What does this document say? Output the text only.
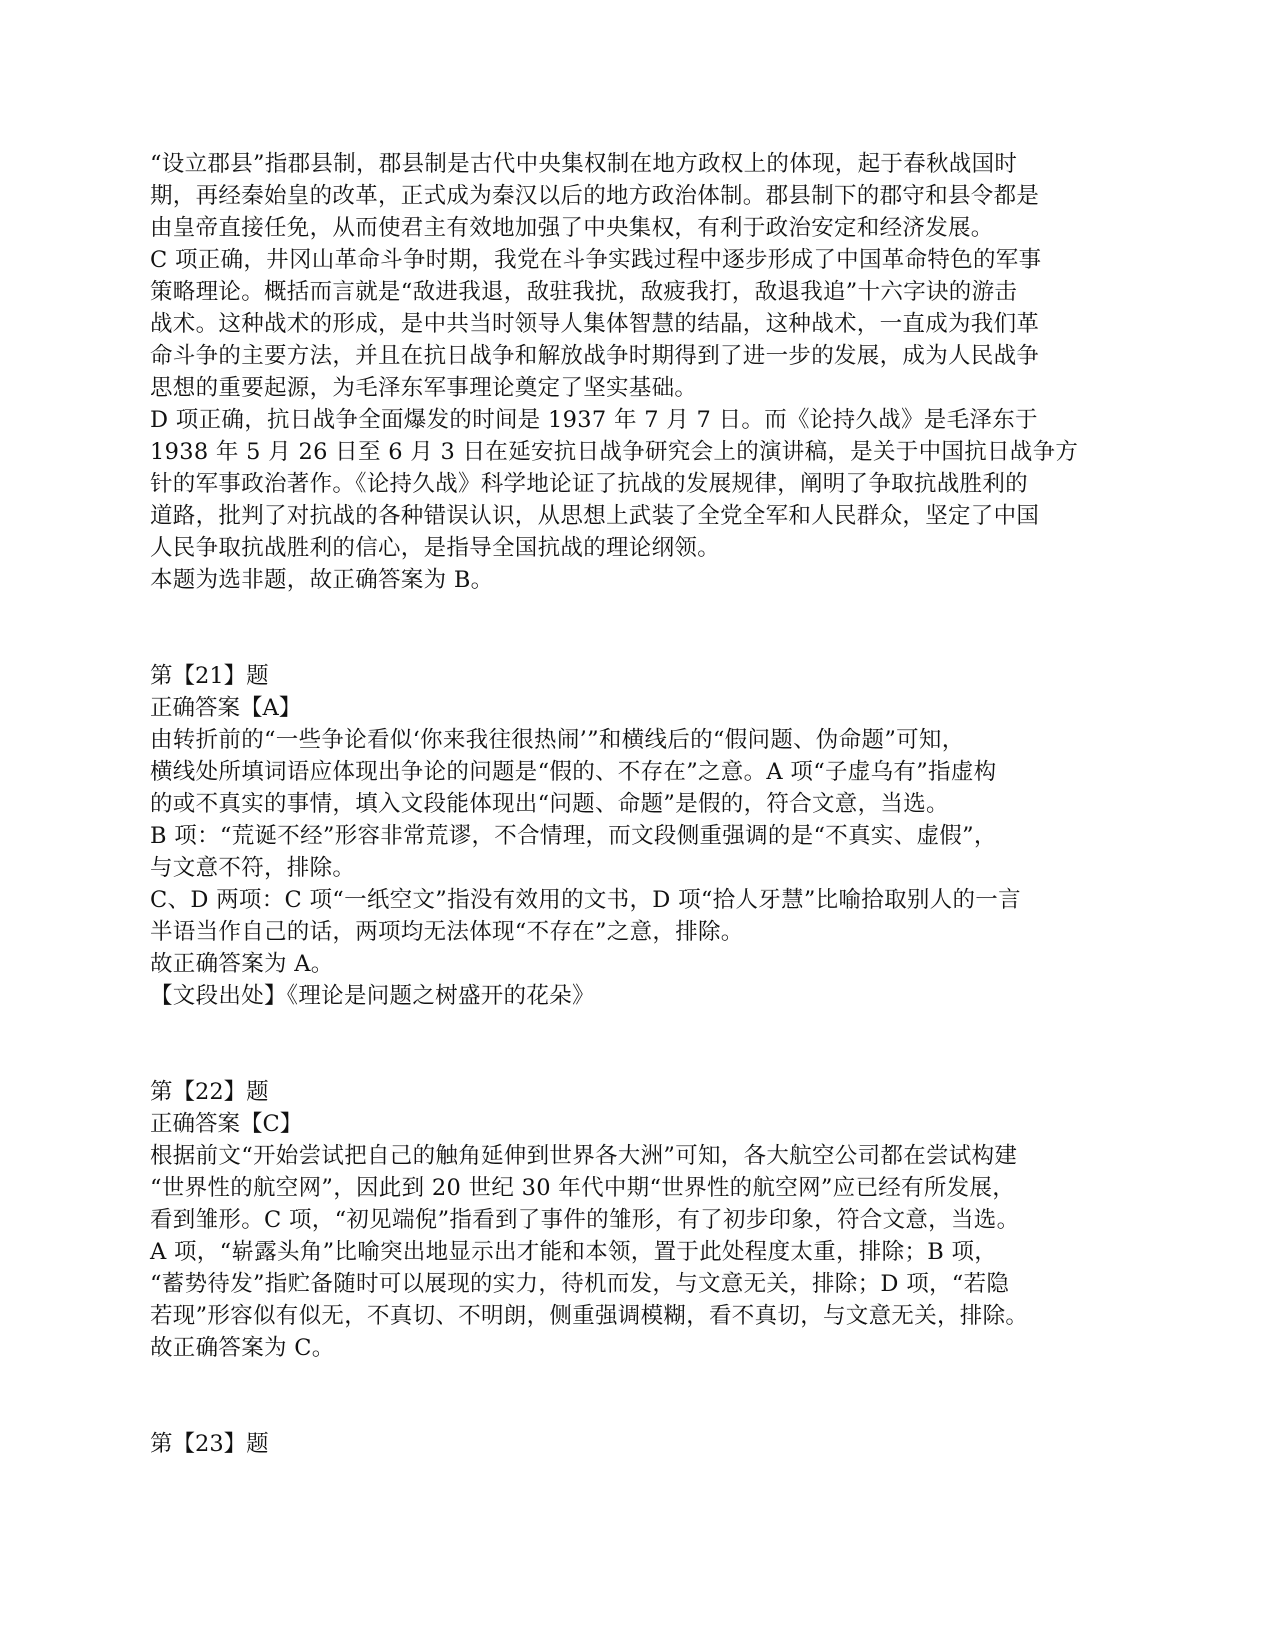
“设立郡县”指郡县制，郡县制是古代中央集权制在地方政权上的体现，起于春秋战国时
期，再经秦始皇的改革，正式成为秦汉以后的地方政治体制。郡县制下的郡守和县令都是
由皇帝直接任免，从而使君主有效地加强了中央集权，有利于政治安定和经济发展。
C 项正确，井冈山革命斗争时期，我党在斗争实践过程中逐步形成了中国革命特色的军事
策略理论。概括而言就是“敌进我退，敌驻我扰，敌疲我打，敌退我追”十六字诀的游击
战术。这种战术的形成，是中共当时领导人集体智慧的结晶，这种战术，一直成为我们革
命斗争的主要方法，并且在抗日战争和解放战争时期得到了进一步的发展，成为人民战争
思想的重要起源，为毛泽东军事理论奠定了坚实基础。
D 项正确，抗日战争全面爆发的时间是 1937 年 7 月 7 日。而《论持久战》是毛泽东于
1938 年 5 月 26 日至 6 月 3 日在延安抗日战争研究会上的演讲稿，是关于中国抗日战争方
针的军事政治著作。《论持久战》科学地论证了抗战的发展规律，阐明了争取抗战胜利的
道路，批判了对抗战的各种错误认识，从思想上武装了全党全军和人民群众，坚定了中国
人民争取抗战胜利的信心，是指导全国抗战的理论纲领。
本题为选非题，故正确答案为 B。
第【21】题
正确答案【A】
由转折前的“一些争论看似‘你来我往很热闹’”和横线后的“假问题、伪命题”可知，
横线处所填词语应体现出争论的问题是“假的、不存在”之意。A 项“子虚乌有”指虚构
的或不真实的事情，填入文段能体现出“问题、命题”是假的，符合文意，当选。
B 项：“荒诞不经”形容非常荒谬，不合情理，而文段侧重强调的是“不真实、虚假”，
与文意不符，排除。
C、D 两项：C 项“一纸空文”指没有效用的文书，D 项“拾人牙慧”比喻拾取别人的一言
半语当作自己的话，两项均无法体现“不存在”之意，排除。
故正确答案为 A。
【文段出处】《理论是问题之树盛开的花朵》
第【22】题
正确答案【C】
根据前文“开始尝试把自己的触角延伸到世界各大洲”可知，各大航空公司都在尝试构建
“世界性的航空网”，因此到 20 世纪 30 年代中期“世界性的航空网”应已经有所发展，
看到雏形。C 项，“初见端倪”指看到了事件的雏形，有了初步印象，符合文意，当选。
A 项，“崭露头角”比喻突出地显示出才能和本领，置于此处程度太重，排除；B 项，
“蓄势待发”指贮备随时可以展现的实力，待机而发，与文意无关，排除；D 项，“若隐
若现”形容似有似无，不真切、不明朗，侧重强调模糊，看不真切，与文意无关，排除。
故正确答案为 C。
第【23】题
